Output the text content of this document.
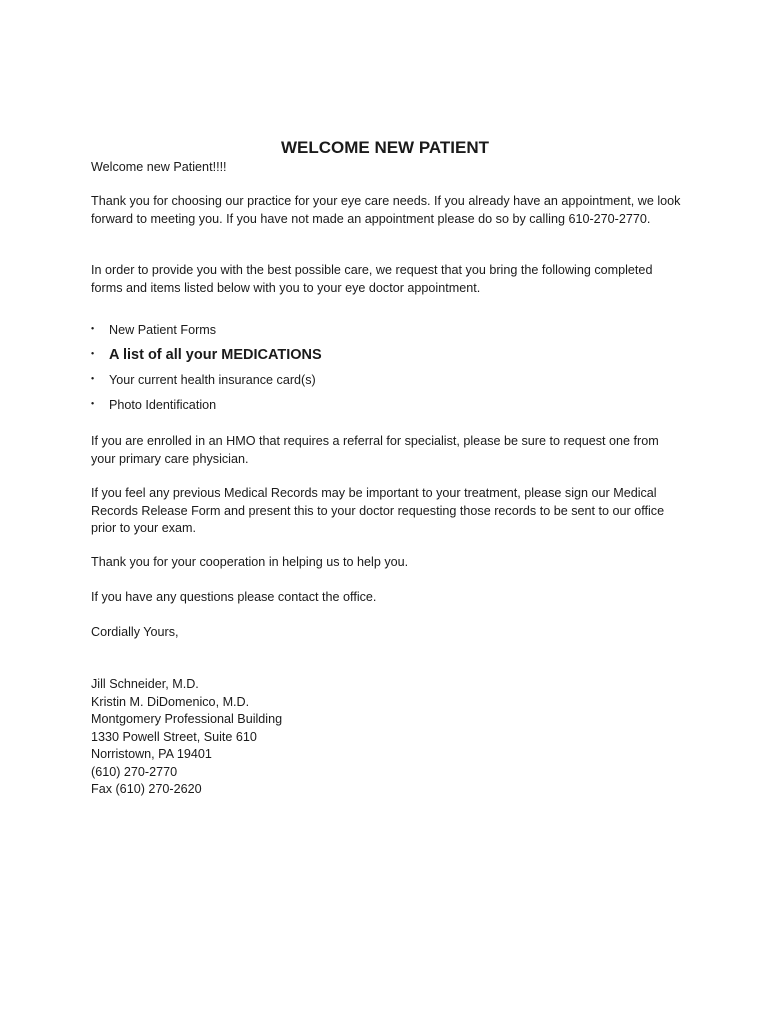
WELCOME NEW PATIENT

Welcome new Patient!!!!

Thank you for choosing our practice for your eye care needs. If you already have an appointment, we look forward to meeting you. If you have not made an appointment please do so by calling 610-270-2770.

In order to provide you with the best possible care, we request that you bring the following completed forms and items listed below with you to your eye doctor appointment.

• New Patient Forms
• A list of all your MEDICATIONS
• Your current health insurance card(s)
• Photo Identification

If you are enrolled in an HMO that requires a referral for specialist, please be sure to request one from your primary care physician.

If you feel any previous Medical Records may be important to your treatment, please sign our Medical Records Release Form and present this to your doctor requesting those records to be sent to our office prior to your exam.

Thank you for your cooperation in helping us to help you.

If you have any questions please contact the office.

Cordially Yours,

Jill Schneider, M.D.
Kristin M. DiDomenico, M.D.
Montgomery Professional Building
1330 Powell Street, Suite 610
Norristown, PA 19401
(610) 270-2770
Fax (610) 270-2620
